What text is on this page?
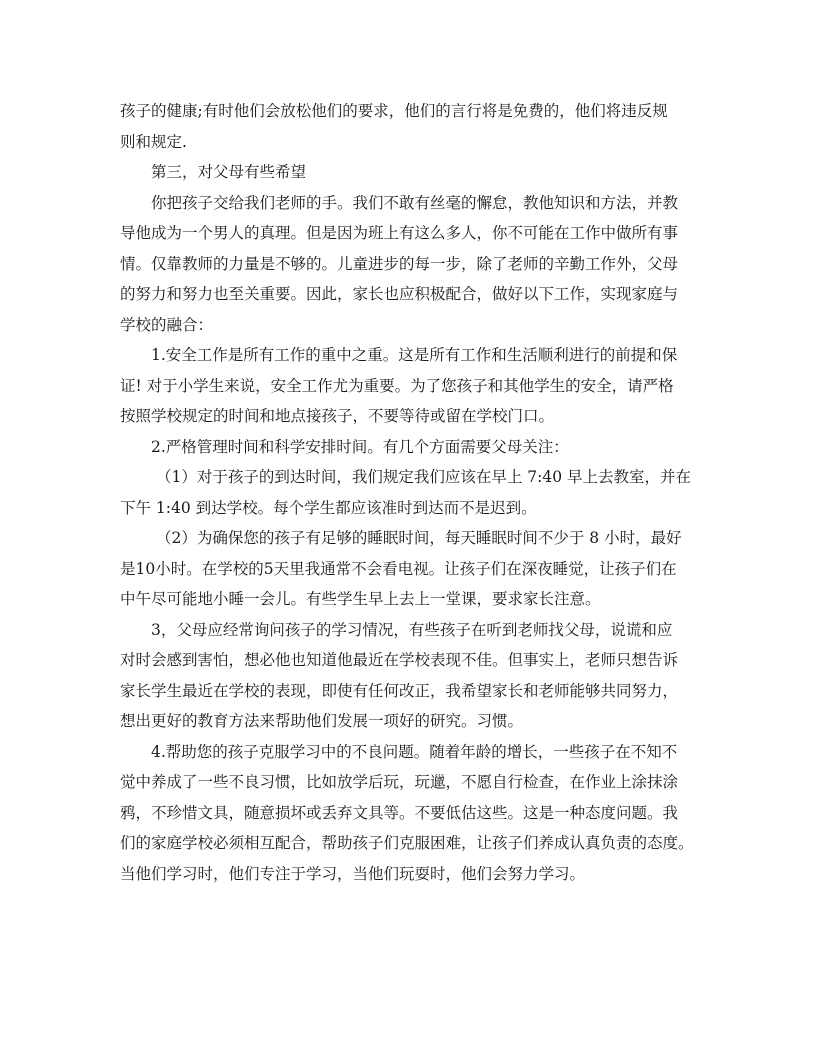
孩子的健康;有时他们会放松他们的要求，他们的言行将是免费的，他们将违反规
则和规定.
第三，对父母有些希望
你把孩子交给我们老师的手。我们不敢有丝毫的懈怠，教他知识和方法，并教
导他成为一个男人的真理。但是因为班上有这么多人，你不可能在工作中做所有事
情。仅靠教师的力量是不够的。儿童进步的每一步，除了老师的辛勤工作外，父母
的努力和努力也至关重要。因此，家长也应积极配合，做好以下工作，实现家庭与
学校的融合：
1.安全工作是所有工作的重中之重。这是所有工作和生活顺利进行的前提和保
证! 对于小学生来说，安全工作尤为重要。为了您孩子和其他学生的安全，请严格
按照学校规定的时间和地点接孩子，不要等待或留在学校门口。
2.严格管理时间和科学安排时间。有几个方面需要父母关注：
（1）对于孩子的到达时间，我们规定我们应该在早上 7:40 早上去教室，并在
下午 1:40 到达学校。每个学生都应该准时到达而不是迟到。
（2）为确保您的孩子有足够的睡眠时间，每天睡眠时间不少于 8 小时，最好
是10小时。在学校的5天里我通常不会看电视。让孩子们在深夜睡觉，让孩子们在
中午尽可能地小睡一会儿。有些学生早上去上一堂课，要求家长注意。
3，父母应经常询问孩子的学习情况，有些孩子在听到老师找父母，说谎和应
对时会感到害怕，想必他也知道他最近在学校表现不佳。但事实上，老师只想告诉
家长学生最近在学校的表现，即使有任何改正，我希望家长和老师能够共同努力，
想出更好的教育方法来帮助他们发展一项好的研究。习惯。
4.帮助您的孩子克服学习中的不良问题。随着年龄的增长，一些孩子在不知不
觉中养成了一些不良习惯，比如放学后玩，玩邋，不愿自行检查，在作业上涂抹涂
鸦，不珍惜文具，随意损坏或丢弃文具等。不要低估这些。这是一种态度问题。我
们的家庭学校必须相互配合，帮助孩子们克服困难，让孩子们养成认真负责的态度。
当他们学习时，他们专注于学习，当他们玩耍时，他们会努力学习。
